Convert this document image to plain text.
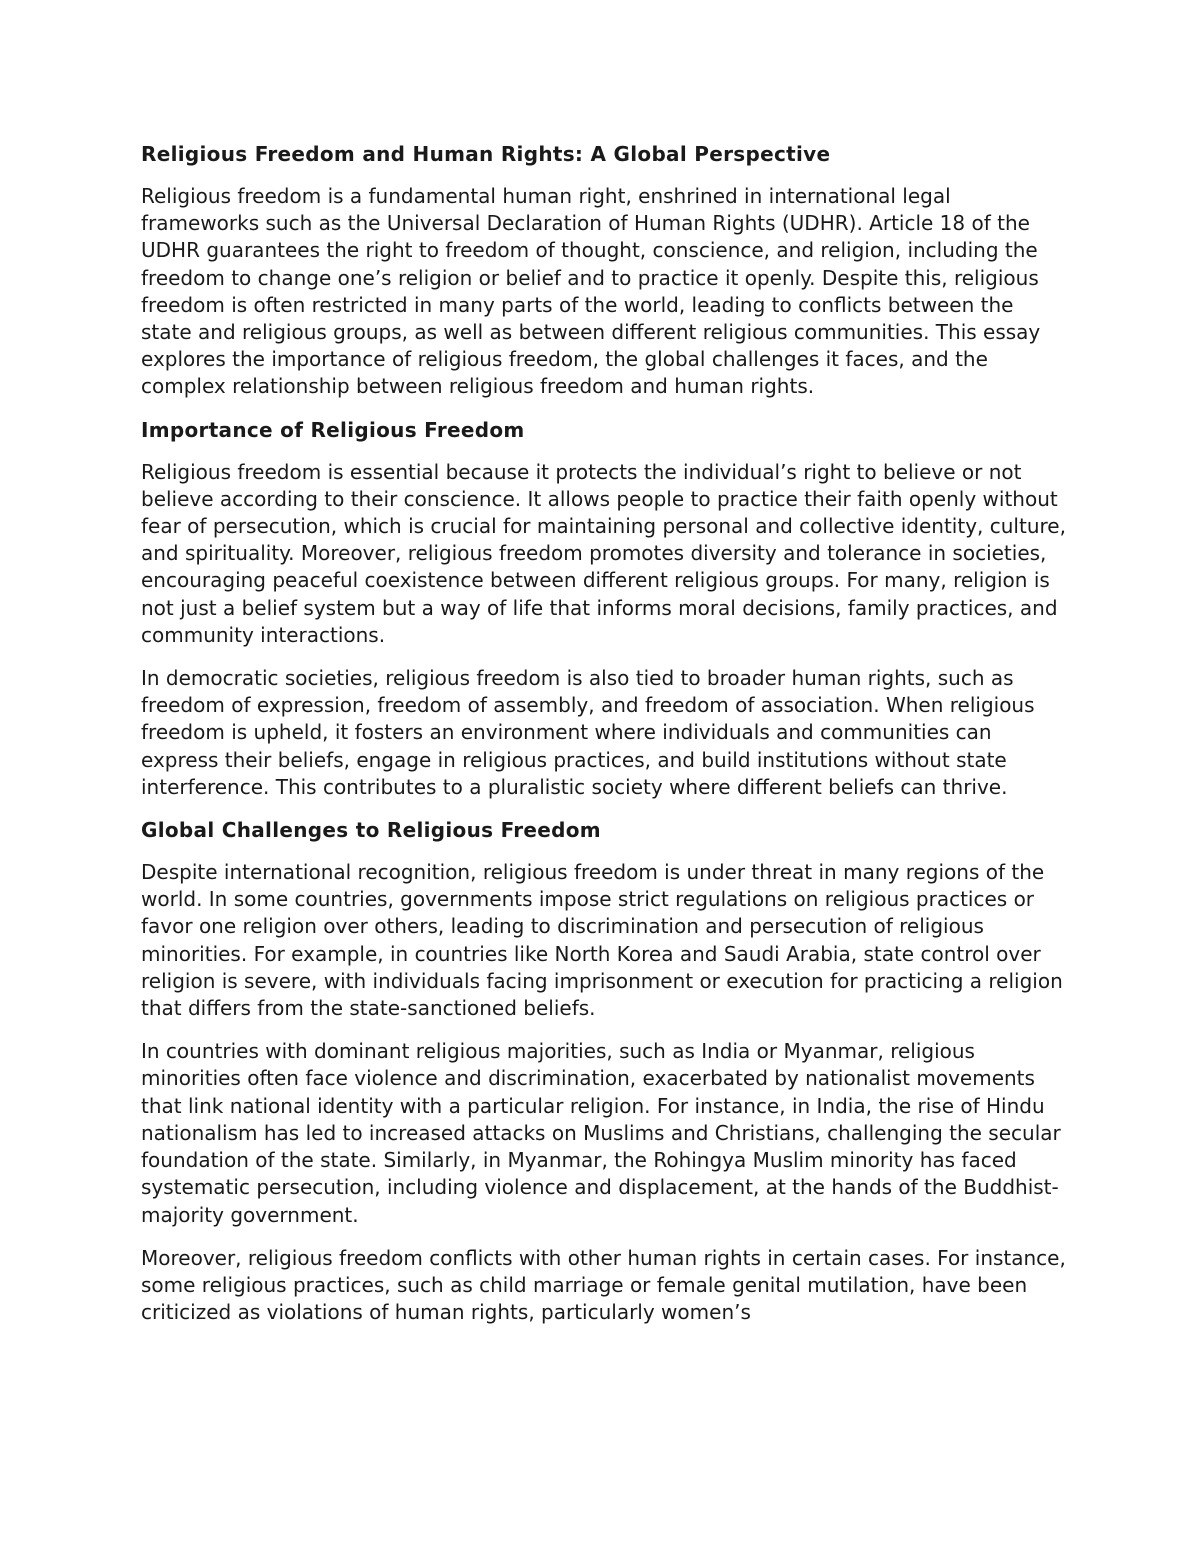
Religious Freedom and Human Rights: A Global Perspective

Religious freedom is a fundamental human right, enshrined in international legal frameworks such as the Universal Declaration of Human Rights (UDHR). Article 18 of the UDHR guarantees the right to freedom of thought, conscience, and religion, including the freedom to change one’s religion or belief and to practice it openly. Despite this, religious freedom is often restricted in many parts of the world, leading to conflicts between the state and religious groups, as well as between different religious communities. This essay explores the importance of religious freedom, the global challenges it faces, and the complex relationship between religious freedom and human rights.

Importance of Religious Freedom

Religious freedom is essential because it protects the individual’s right to believe or not believe according to their conscience. It allows people to practice their faith openly without fear of persecution, which is crucial for maintaining personal and collective identity, culture, and spirituality. Moreover, religious freedom promotes diversity and tolerance in societies, encouraging peaceful coexistence between different religious groups. For many, religion is not just a belief system but a way of life that informs moral decisions, family practices, and community interactions.

In democratic societies, religious freedom is also tied to broader human rights, such as freedom of expression, freedom of assembly, and freedom of association. When religious freedom is upheld, it fosters an environment where individuals and communities can express their beliefs, engage in religious practices, and build institutions without state interference. This contributes to a pluralistic society where different beliefs can thrive.

Global Challenges to Religious Freedom

Despite international recognition, religious freedom is under threat in many regions of the world. In some countries, governments impose strict regulations on religious practices or favor one religion over others, leading to discrimination and persecution of religious minorities. For example, in countries like North Korea and Saudi Arabia, state control over religion is severe, with individuals facing imprisonment or execution for practicing a religion that differs from the state-sanctioned beliefs.

In countries with dominant religious majorities, such as India or Myanmar, religious minorities often face violence and discrimination, exacerbated by nationalist movements that link national identity with a particular religion. For instance, in India, the rise of Hindu nationalism has led to increased attacks on Muslims and Christians, challenging the secular foundation of the state. Similarly, in Myanmar, the Rohingya Muslim minority has faced systematic persecution, including violence and displacement, at the hands of the Buddhist-majority government.

Moreover, religious freedom conflicts with other human rights in certain cases. For instance, some religious practices, such as child marriage or female genital mutilation, have been criticized as violations of human rights, particularly women’s
